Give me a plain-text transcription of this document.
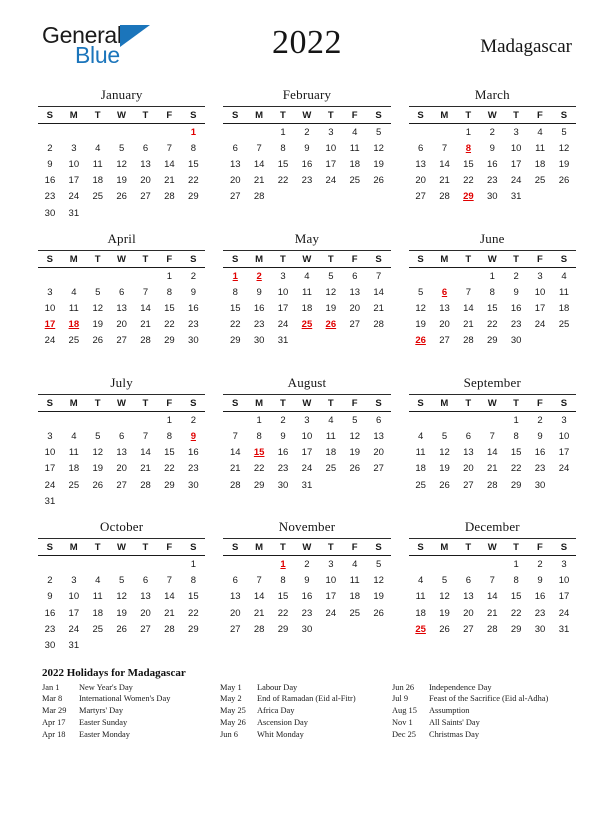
General
Blue	2022	Madagascar
January
S	M	T	W	T	F	S
						1
2	3	4	5	6	7	8
9	10	11	12	13	14	15
16	17	18	19	20	21	22
23	24	25	26	27	28	29
30	31					
February
S	M	T	W	T	F	S
		1	2	3	4	5
6	7	8	9	10	11	12
13	14	15	16	17	18	19
20	21	22	23	24	25	26
27	28					

March
S	M	T	W	T	F	S
		1	2	3	4	5
6	7	8	9	10	11	12
13	14	15	16	17	18	19
20	21	22	23	24	25	26
27	28	29	30	31		

April
S	M	T	W	T	F	S
					1	2
3	4	5	6	7	8	9
10	11	12	13	14	15	16
17	18	19	20	21	22	23
24	25	26	27	28	29	30

May
S	M	T	W	T	F	S
1	2	3	4	5	6	7
8	9	10	11	12	13	14
15	16	17	18	19	20	21
22	23	24	25	26	27	28
29	30	31				

June
S	M	T	W	T	F	S
			1	2	3	4
5	6	7	8	9	10	11
12	13	14	15	16	17	18
19	20	21	22	23	24	25
26	27	28	29	30		

July
S	M	T	W	T	F	S
					1	2
3	4	5	6	7	8	9
10	11	12	13	14	15	16
17	18	19	20	21	22	23
24	25	26	27	28	29	30
31						
August
S	M	T	W	T	F	S
	1	2	3	4	5	6
7	8	9	10	11	12	13
14	15	16	17	18	19	20
21	22	23	24	25	26	27
28	29	30	31			

September
S	M	T	W	T	F	S
				1	2	3
4	5	6	7	8	9	10
11	12	13	14	15	16	17
18	19	20	21	22	23	24
25	26	27	28	29	30	

October
S	M	T	W	T	F	S
						1
2	3	4	5	6	7	8
9	10	11	12	13	14	15
16	17	18	19	20	21	22
23	24	25	26	27	28	29
30	31					
November
S	M	T	W	T	F	S
		1	2	3	4	5
6	7	8	9	10	11	12
13	14	15	16	17	18	19
20	21	22	23	24	25	26
27	28	29	30			

December
S	M	T	W	T	F	S
				1	2	3
4	5	6	7	8	9	10
11	12	13	14	15	16	17
18	19	20	21	22	23	24
25	26	27	28	29	30	31

2022 Holidays for Madagascar
Jan 1	New Year's Day
Mar 8	International Women's Day
Mar 29	Martyrs' Day
Apr 17	Easter Sunday
Apr 18	Easter Monday
May 1	Labour Day
May 2	End of Ramadan (Eid al-Fitr)
May 25	Africa Day
May 26	Ascension Day
Jun 6	Whit Monday
Jun 26	Independence Day
Jul 9	Feast of the Sacrifice (Eid al-Adha)
Aug 15	Assumption
Nov 1	All Saints' Day
Dec 25	Christmas Day
